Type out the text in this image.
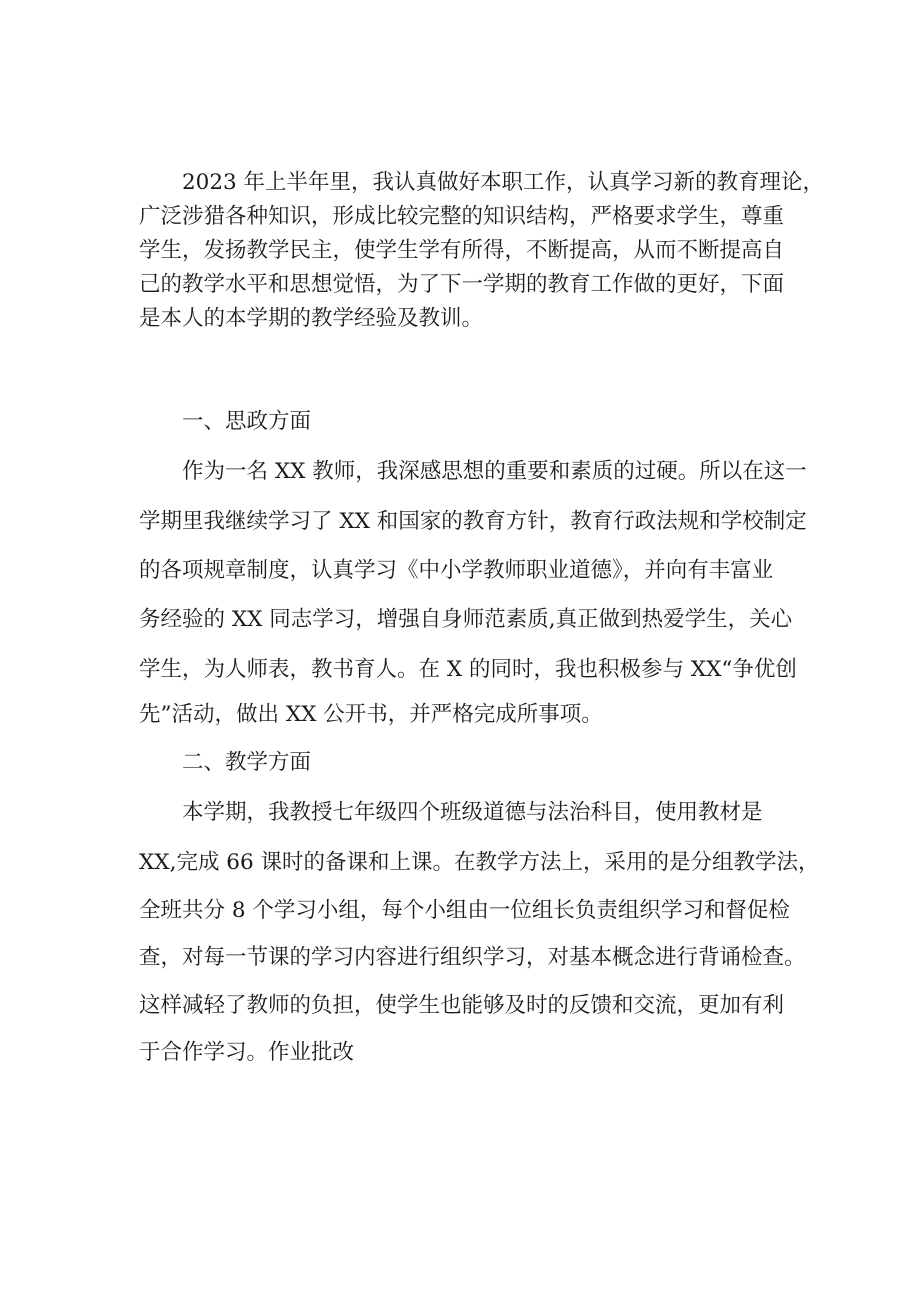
2023 年上半年里，我认真做好本职工作，认真学习新的教育理论，
广泛涉猎各种知识，形成比较完整的知识结构，严格要求学生，尊重
学生，发扬教学民主，使学生学有所得，不断提高，从而不断提高自
己的教学水平和思想觉悟，为了下一学期的教育工作做的更好，下面
是本人的本学期的教学经验及教训。
一、思政方面
作为一名 XX 教师，我深感思想的重要和素质的过硬。所以在这一
学期里我继续学习了 XX 和国家的教育方针，教育行政法规和学校制定
的各项规章制度，认真学习《中小学教师职业道德》，并向有丰富业
务经验的 XX 同志学习，增强自身师范素质,真正做到热爱学生，关心
学生，为人师表，教书育人。在 X 的同时，我也积极参与 XX“争优创
先”活动，做出 XX 公开书，并严格完成所事项。
二、教学方面
本学期，我教授七年级四个班级道德与法治科目，使用教材是
XX,完成 66 课时的备课和上课。在教学方法上，采用的是分组教学法，
全班共分 8 个学习小组，每个小组由一位组长负责组织学习和督促检
查，对每一节课的学习内容进行组织学习，对基本概念进行背诵检查。
这样减轻了教师的负担，使学生也能够及时的反馈和交流，更加有利
于合作学习。作业批改
